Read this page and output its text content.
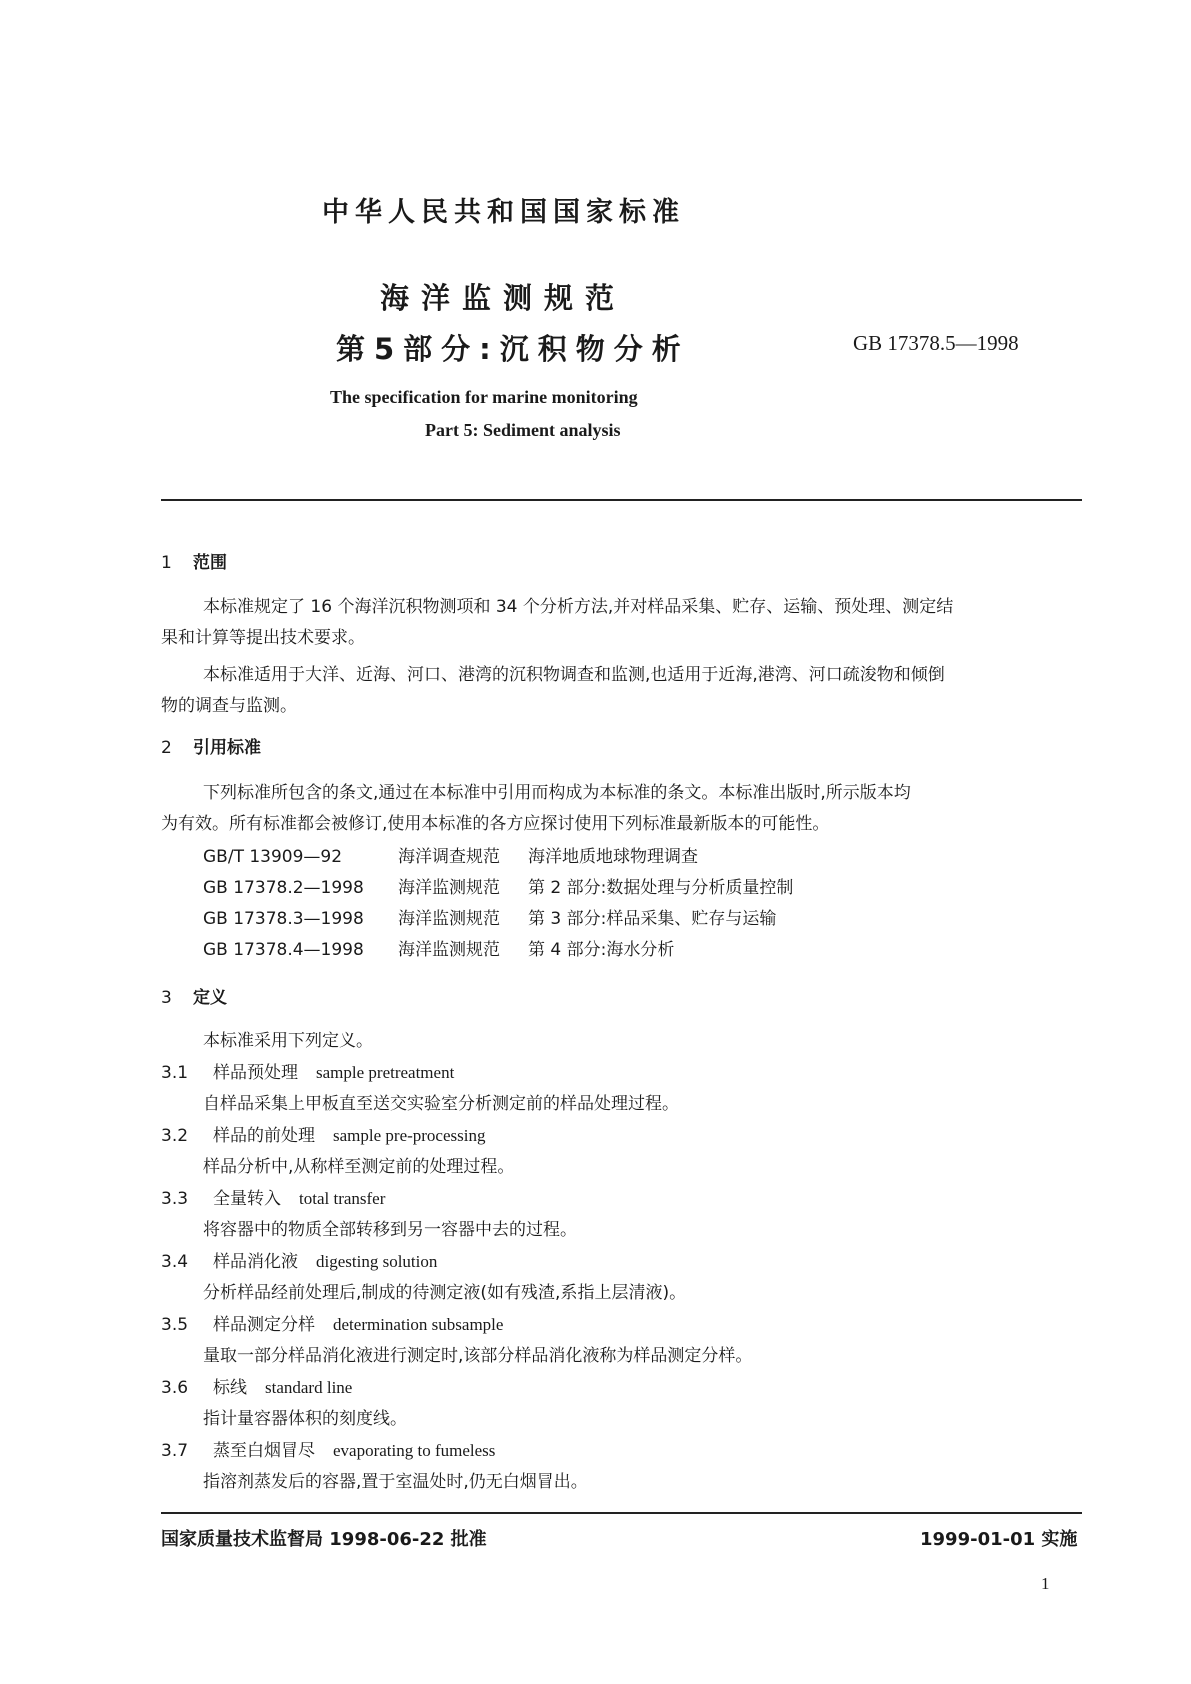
中华人民共和国国家标准
海洋监测规范
第5部分:沉积物分析	GB 17378.5—1998
The specification for marine monitoring
Part 5: Sediment analysis
1 范围
本标准规定了 16 个海洋沉积物测项和 34 个分析方法,并对样品采集、贮存、运输、预处理、测定结
果和计算等提出技术要求。
本标准适用于大洋、近海、河口、港湾的沉积物调查和监测,也适用于近海,港湾、河口疏浚物和倾倒
物的调查与监测。
2 引用标准
下列标准所包含的条文,通过在本标准中引用而构成为本标准的条文。本标准出版时,所示版本均
为有效。所有标准都会被修订,使用本标准的各方应探讨使用下列标准最新版本的可能性。
GB/T 13909—92	海洋调查规范 海洋地质地球物理调查
GB 17378.2—1998 海洋监测规范 第 2 部分:数据处理与分析质量控制
GB 17378.3—1998 海洋监测规范 第 3 部分:样品采集、贮存与运输
GB 17378.4—1998 海洋监测规范 第 4 部分:海水分析
3 定义
本标准采用下列定义。
3.1 样品预处理 sample pretreatment
自样品采集上甲板直至送交实验室分析测定前的样品处理过程。
3.2 样品的前处理 sample pre-processing
样品分析中,从称样至测定前的处理过程。
3.3 全量转入 total transfer
将容器中的物质全部转移到另一容器中去的过程。
3.4 样品消化液 digesting solution
分析样品经前处理后,制成的待测定液(如有残渣,系指上层清液)。
3.5 样品测定分样 determination subsample
量取一部分样品消化液进行测定时,该部分样品消化液称为样品测定分样。
3.6 标线 standard line
指计量容器体积的刻度线。
3.7 蒸至白烟冒尽 evaporating to fumeless
指溶剂蒸发后的容器,置于室温处时,仍无白烟冒出。
国家质量技术监督局 1998-06-22 批准	1999-01-01 实施
1
